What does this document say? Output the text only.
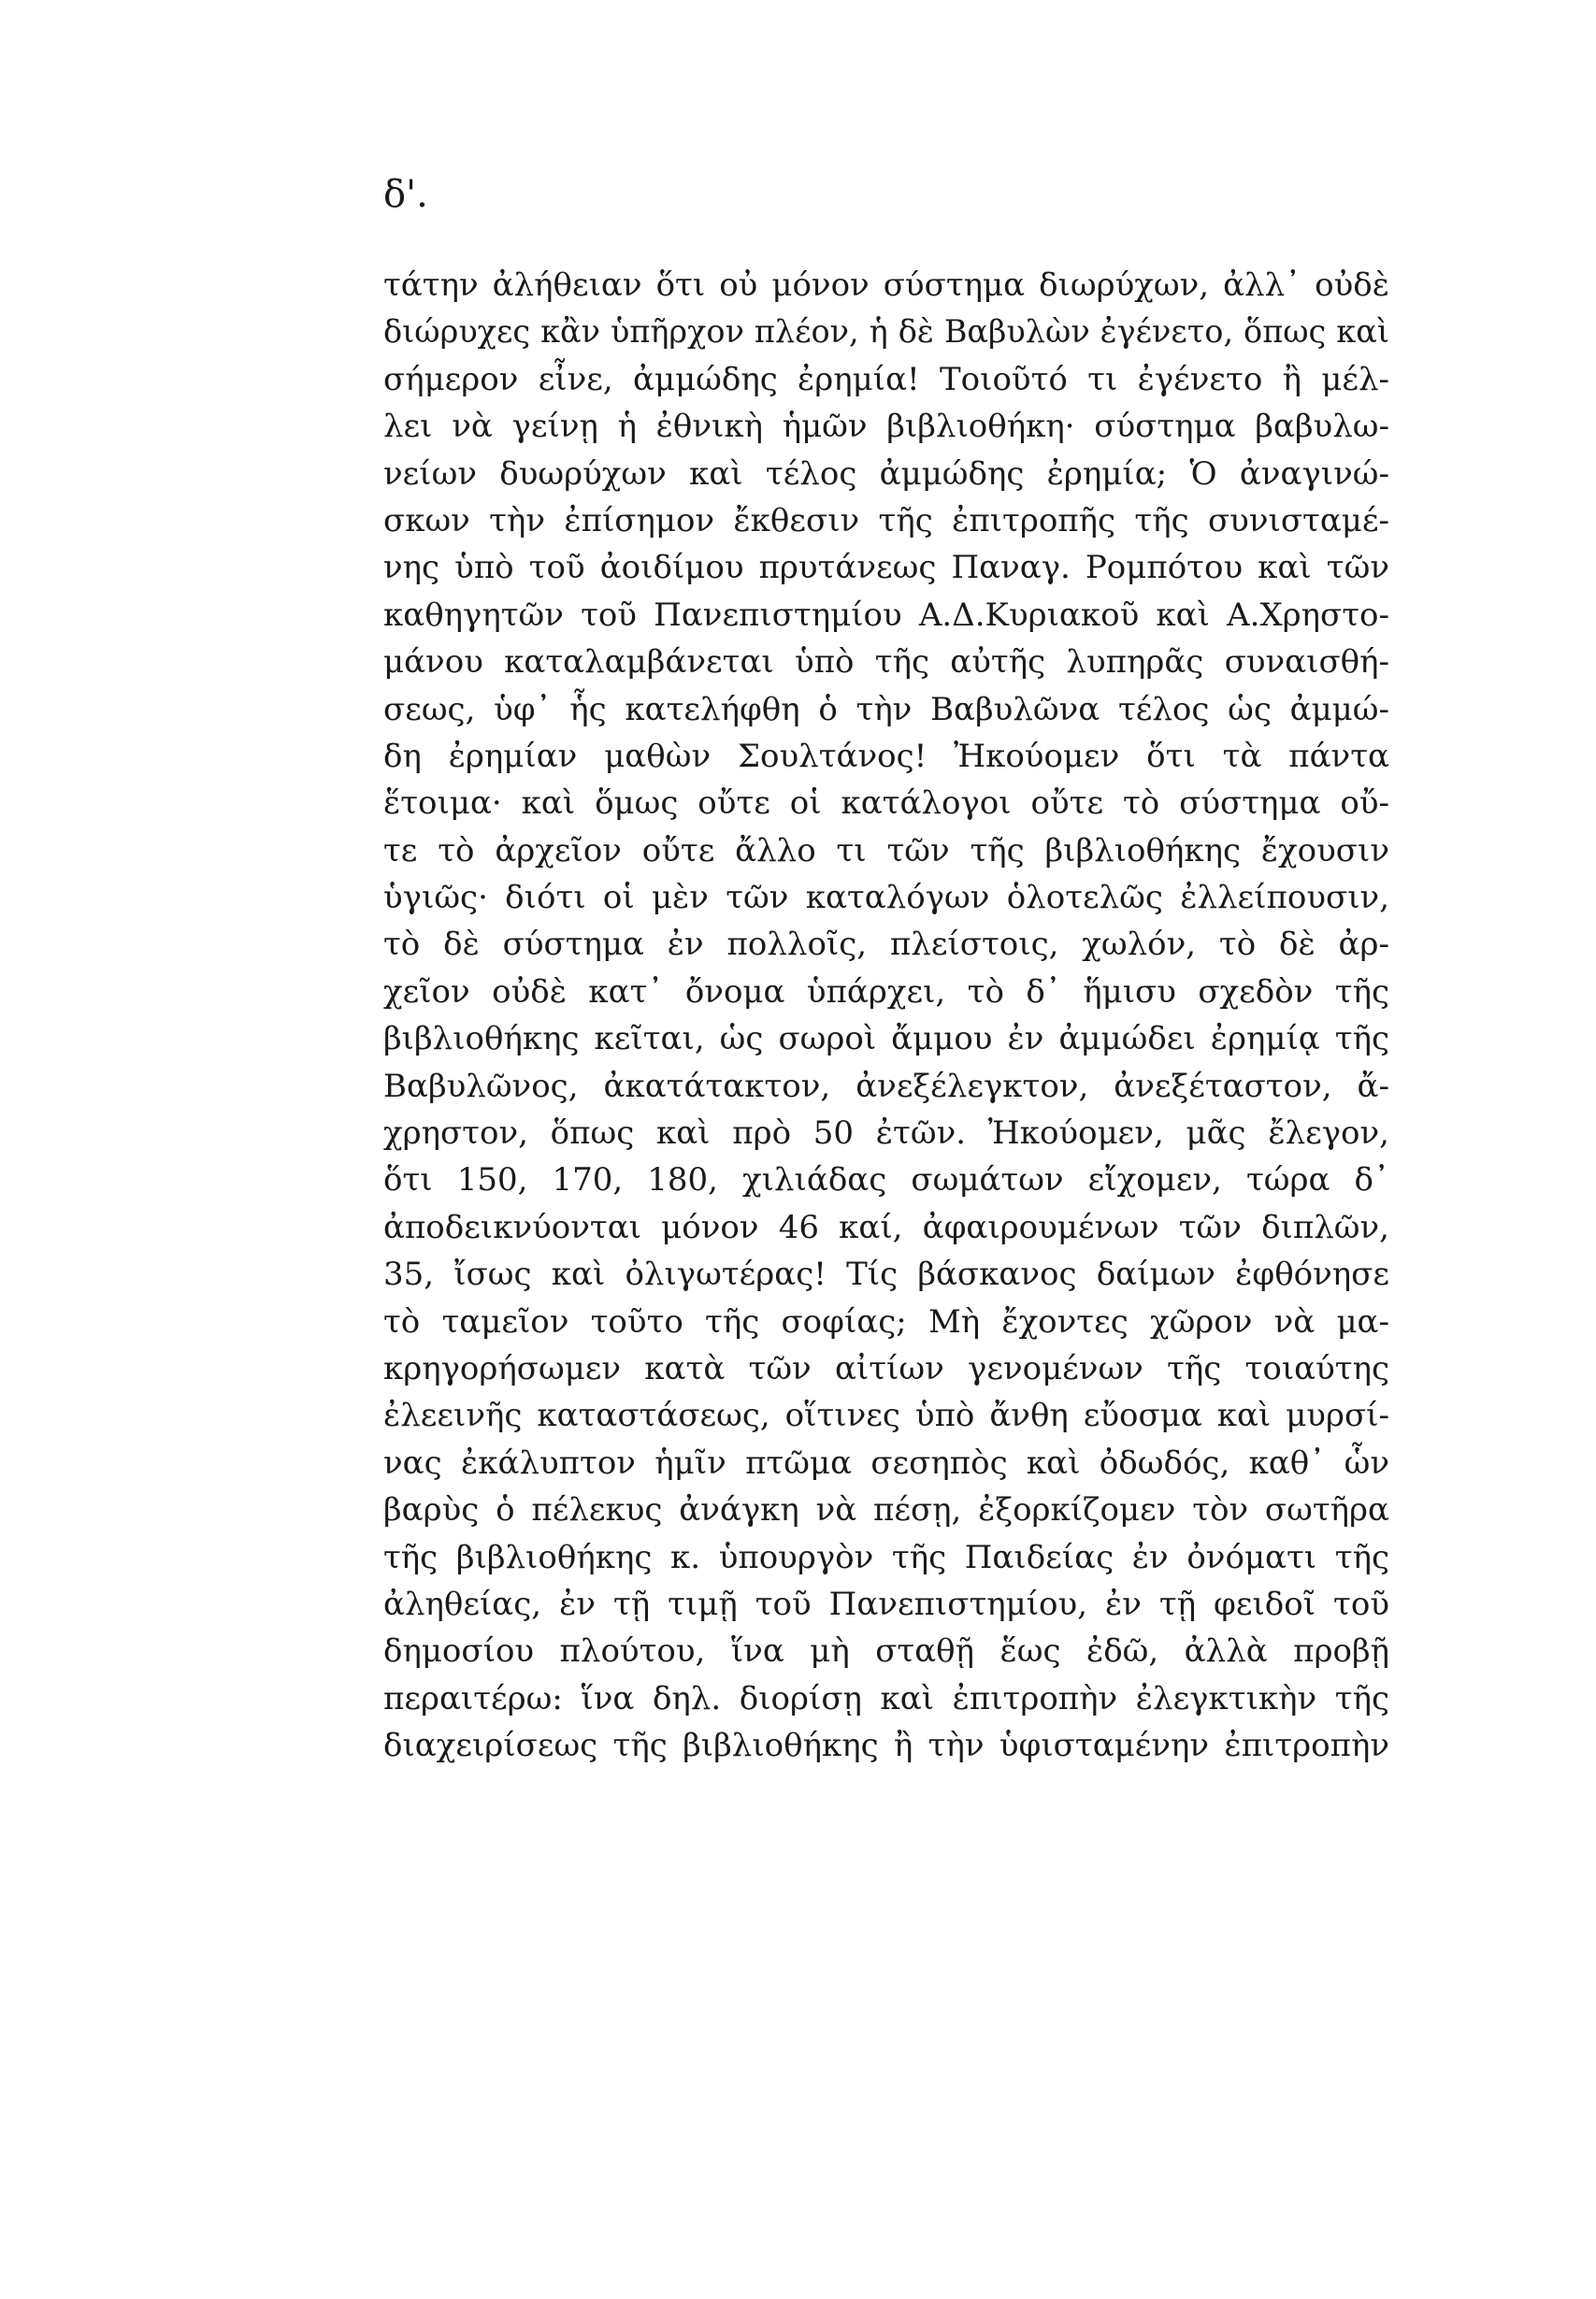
δ'.
τάτην ἀλήθειαν ὅτι οὐ μόνον σύστημα διωρύχων, ἀλλ᾽ οὐδὲ
διώρυχες κἂν ὑπῆρχον πλέον, ἡ δὲ Βαβυλὼν ἐγένετο, ὅπως καὶ
σήμερον εἶνε, ἀμμώδης ἐρημία! Τοιοῦτό τι ἐγένετο ἢ μέλ-
λει νὰ γείνῃ ἡ ἐθνικὴ ἡμῶν βιβλιοθήκη· σύστημα βαβυλω-
νείων δυωρύχων καὶ τέλος ἀμμώδης ἐρημία; Ὁ ἀναγινώ-
σκων τὴν ἐπίσημον ἔκθεσιν τῆς ἐπιτροπῆς τῆς συνισταμέ-
νης ὑπὸ τοῦ ἀοιδίμου πρυτάνεως Παναγ. Ρομπότου καὶ τῶν
καθηγητῶν τοῦ Πανεπιστημίου Α.Δ.Κυριακοῦ καὶ Α.Χρηστο-
μάνου καταλαμβάνεται ὑπὸ τῆς αὐτῆς λυπηρᾶς συναισθή-
σεως, ὑφ᾽ ἧς κατελήφθη ὁ τὴν Βαβυλῶνα τέλος ὡς ἀμμώ-
δη ἐρημίαν μαθὼν Σουλτάνος! Ἠκούομεν ὅτι τὰ πάντα
ἕτοιμα· καὶ ὅμως οὔτε οἱ κατάλογοι οὔτε τὸ σύστημα οὔ-
τε τὸ ἀρχεῖον οὔτε ἄλλο τι τῶν τῆς βιβλιοθήκης ἔχουσιν
ὑγιῶς· διότι οἱ μὲν τῶν καταλόγων ὁλοτελῶς ἐλλείπουσιν,
τὸ δὲ σύστημα ἐν πολλοῖς, πλείστοις, χωλόν, τὸ δὲ ἀρ-
χεῖον οὐδὲ κατ᾽ ὄνομα ὑπάρχει, τὸ δ᾽ ἥμισυ σχεδὸν τῆς
βιβλιοθήκης κεῖται, ὡς σωροὶ ἄμμου ἐν ἀμμώδει ἐρημίᾳ τῆς
Βαβυλῶνος, ἀκατάτακτον, ἀνεξέλεγκτον, ἀνεξέταστον, ἄ-
χρηστον, ὅπως καὶ πρὸ 50 ἐτῶν. Ἠκούομεν, μᾶς ἔλεγον,
ὅτι 150, 170, 180, χιλιάδας σωμάτων εἴχομεν, τώρα δ᾽
ἀποδεικνύονται μόνον 46 καί, ἀφαιρουμένων τῶν διπλῶν,
35, ἴσως καὶ ὀλιγωτέρας! Τίς βάσκανος δαίμων ἐφθόνησε
τὸ ταμεῖον τοῦτο τῆς σοφίας; Μὴ ἔχοντες χῶρον νὰ μα-
κρηγορήσωμεν κατὰ τῶν αἰτίων γενομένων τῆς τοιαύτης
ἐλεεινῆς καταστάσεως, οἵτινες ὑπὸ ἄνθη εὔοσμα καὶ μυρσί-
νας ἐκάλυπτον ἡμῖν πτῶμα σεσηπὸς καὶ ὀδωδός, καθ᾽ ὧν
βαρὺς ὁ πέλεκυς ἀνάγκη νὰ πέσῃ, ἐξορκίζομεν τὸν σωτῆρα
τῆς βιβλιοθήκης κ. ὑπουργὸν τῆς Παιδείας ἐν ὀνόματι τῆς
ἀληθείας, ἐν τῇ τιμῇ τοῦ Πανεπιστημίου, ἐν τῇ φειδοῖ τοῦ
δημοσίου πλούτου, ἵνα μὴ σταθῇ ἕως ἐδῶ, ἀλλὰ προβῇ
περαιτέρω: ἵνα δηλ. διορίσῃ καὶ ἐπιτροπὴν ἐλεγκτικὴν τῆς
διαχειρίσεως τῆς βιβλιοθήκης ἢ τὴν ὑφισταμένην ἐπιτροπὴν
